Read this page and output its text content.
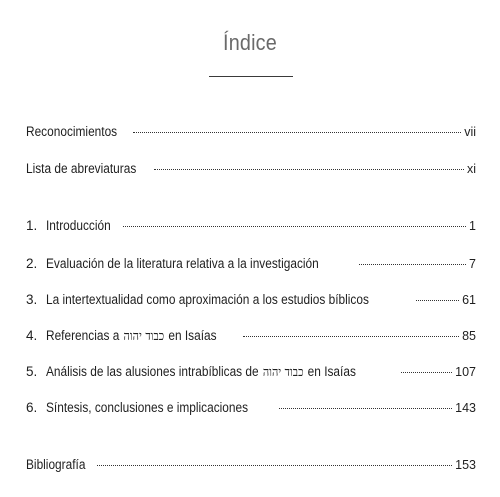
Índice
Reconocimientos	vii
Lista de abreviaturas	xi
1. Introducción	1
2. Evaluación de la literatura relativa a la investigación	7
3. La intertextualidad como aproximación a los estudios bíblicos	61
4. Referencias a כבוד יהוה en Isaías	85
5. Análisis de las alusiones intrabíblicas de כבוד יהוה en Isaías	107
6. Síntesis, conclusiones e implicaciones	143
Bibliografía	153
